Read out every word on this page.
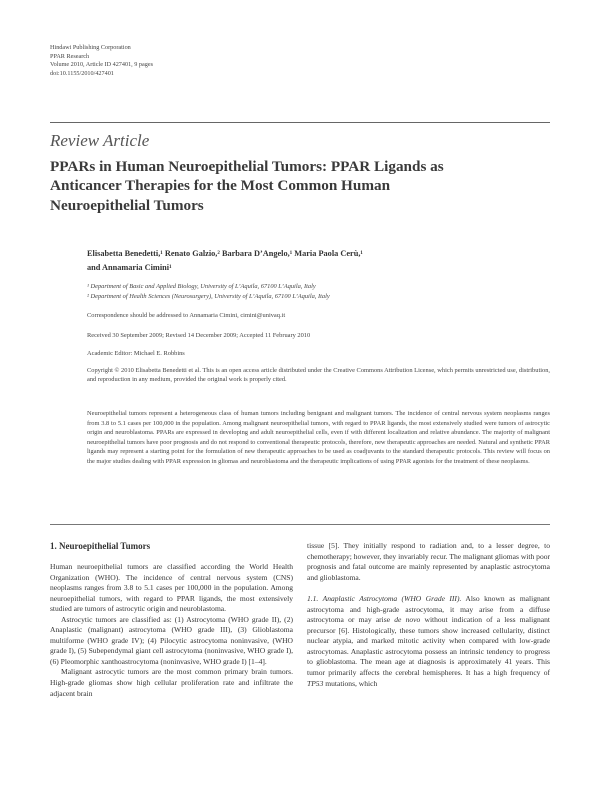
Hindawi Publishing Corporation
PPAR Research
Volume 2010, Article ID 427401, 9 pages
doi:10.1155/2010/427401
Review Article
PPARs in Human Neuroepithelial Tumors: PPAR Ligands as
Anticancer Therapies for the Most Common Human
Neuroepithelial Tumors
Elisabetta Benedetti,¹ Renato Galzio,² Barbara D’Angelo,¹ Maria Paola Cerù,¹
and Annamaria Cimini¹
¹ Department of Basic and Applied Biology, University of L’Aquila, 67100 L’Aquila, Italy
² Department of Health Sciences (Neurosurgery), University of L’Aquila, 67100 L’Aquila, Italy
Correspondence should be addressed to Annamaria Cimini, cimini@univaq.it
Received 30 September 2009; Revised 14 December 2009; Accepted 11 February 2010
Academic Editor: Michael E. Robbins
Copyright © 2010 Elisabetta Benedetti et al. This is an open access article distributed under the Creative Commons Attribution License, which permits unrestricted use, distribution, and reproduction in any medium, provided the original work is properly cited.
Neuroepithelial tumors represent a heterogeneous class of human tumors including benignant and malignant tumors. The incidence of central nervous system neoplasms ranges from 3.8 to 5.1 cases per 100,000 in the population. Among malignant neuroepithelial tumors, with regard to PPAR ligands, the most extensively studied were tumors of astrocytic origin and neuroblastoma. PPARs are expressed in developing and adult neuroepithelial cells, even if with different localization and relative abundance. The majority of malignant neuroepithelial tumors have poor prognosis and do not respond to conventional therapeutic protocols, therefore, new therapeutic approaches are needed. Natural and synthetic PPAR ligands may represent a starting point for the formulation of new therapeutic approaches to be used as coadjuvants to the standard therapeutic protocols. This review will focus on the major studies dealing with PPAR expression in gliomas and neuroblastoma and the therapeutic implications of using PPAR agonists for the treatment of these neoplasms.
1. Neuroepithelial Tumors

Human neuroepithelial tumors are classified according the World Health Organization (WHO). The incidence of central nervous system (CNS) neoplasms ranges from 3.8 to 5.1 cases per 100,000 in the population. Among neuroepithelial tumors, with regard to PPAR ligands, the most extensively studied are tumors of astrocytic origin and neuroblastoma.

Astrocytic tumors are classified as: (1) Astrocytoma (WHO grade II), (2) Anaplastic (malignant) astrocytoma (WHO grade III), (3) Glioblastoma multiforme (WHO grade IV); (4) Pilocytic astrocytoma noninvasive, (WHO grade I), (5) Subependymal giant cell astrocytoma (noninvasive, WHO grade I), (6) Pleomorphic xanthoastrocytoma (noninvasive, WHO grade I) [1–4].

Malignant astrocytic tumors are the most common primary brain tumors. High-grade gliomas show high cellular proliferation rate and infiltrate the adjacent brain

tissue [5]. They initially respond to radiation and, to a lesser degree, to chemotherapy; however, they invariably recur. The malignant gliomas with poor prognosis and fatal outcome are mainly represented by anaplastic astrocytoma and glioblastoma.

1.1. Anaplastic Astrocytoma (WHO Grade III). Also known as malignant astrocytoma and high-grade astrocytoma, it may arise from a diffuse astrocytoma or may arise de novo without indication of a less malignant precursor [6]. Histologically, these tumors show increased cellularity, distinct nuclear atypia, and marked mitotic activity when compared with low-grade astrocytomas. Anaplastic astrocytoma possess an intrinsic tendency to progress to glioblastoma. The mean age at diagnosis is approximately 41 years. This tumor primarily affects the cerebral hemispheres. It has a high frequency of TP53 mutations, which
